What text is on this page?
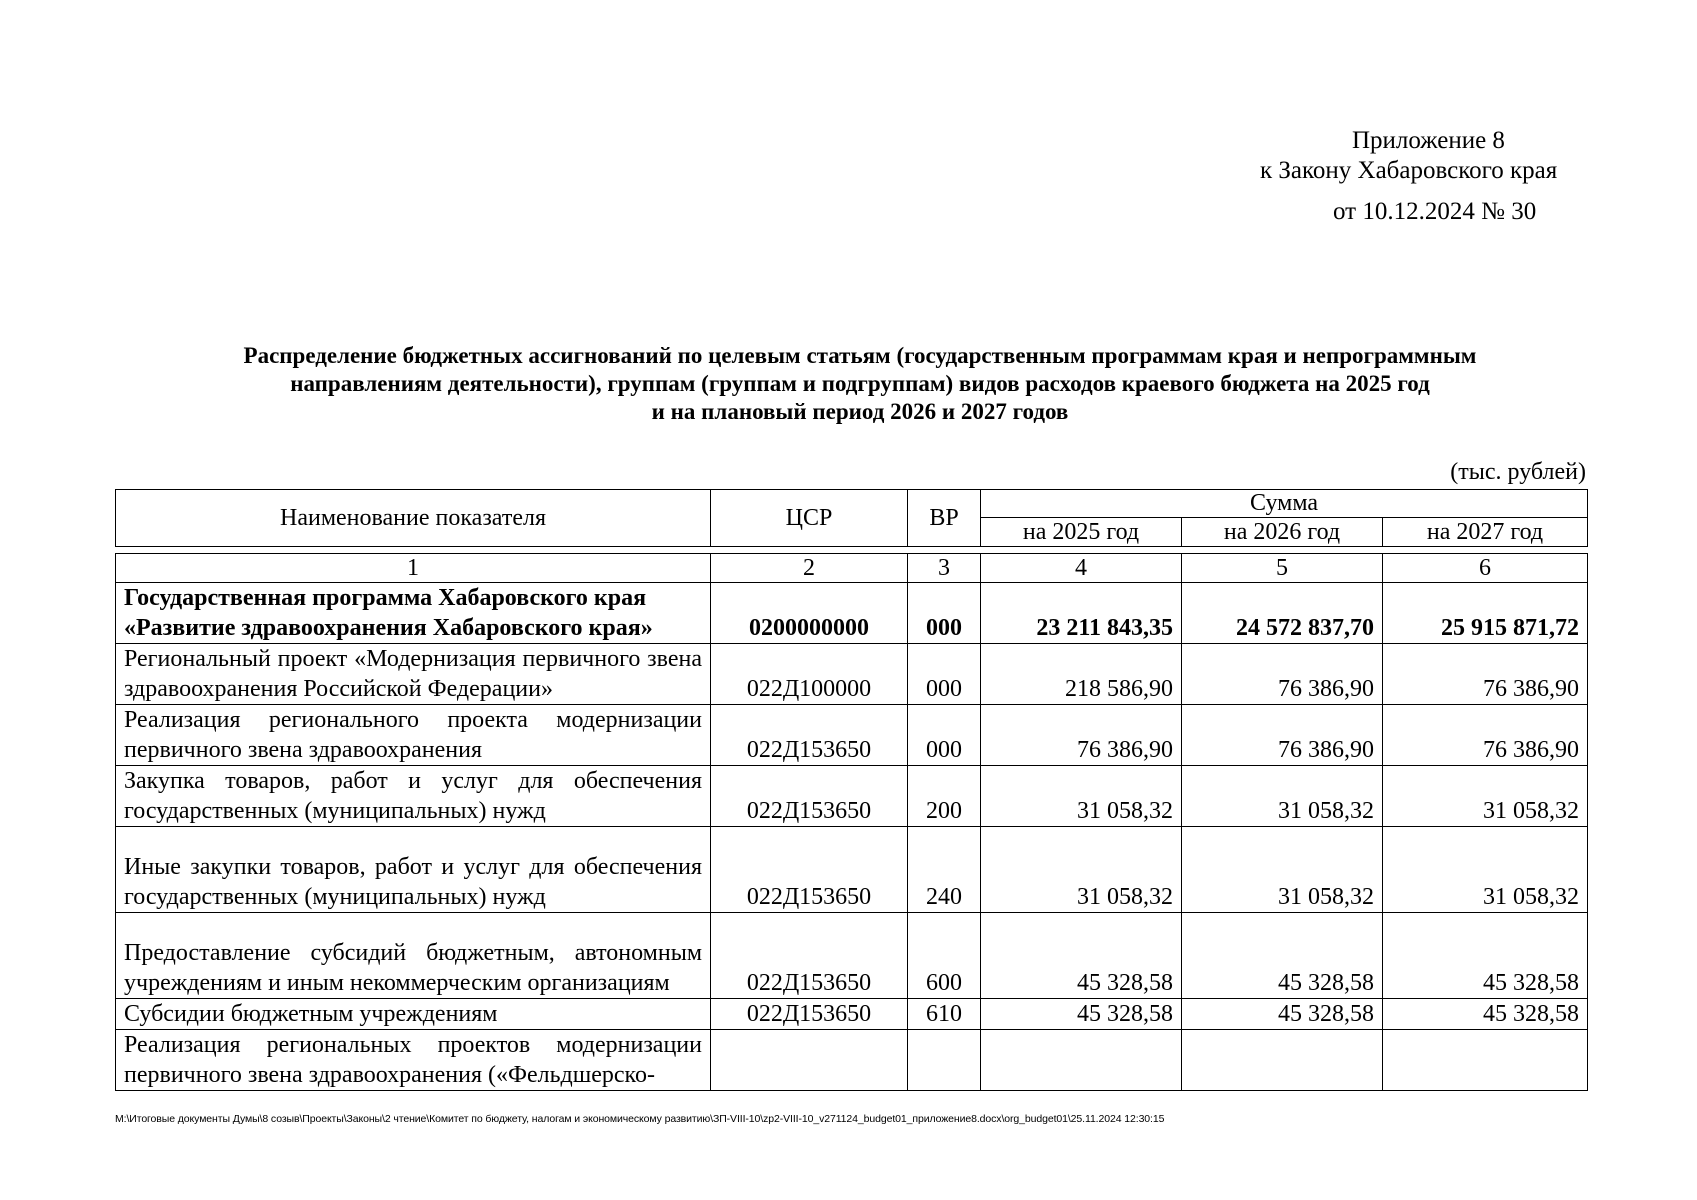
Приложение 8
к Закону Хабаровского края
от 10.12.2024 № 30
Распределение бюджетных ассигнований по целевым статьям (государственным программам края и непрограммным
направлениям деятельности), группам (группам и подгруппам) видов расходов краевого бюджета на 2025 год
и на плановый период 2026 и 2027 годов
(тыс. рублей)
Наименование показателя	ЦСР	ВР	Сумма		
			на 2025 год	на 2026 год	на 2027 год
1	2	3	4	5	6
Государственная программа Хабаровского края «Развитие здравоохранения Хабаровского края»	0200000000	000	23 211 843,35	24 572 837,70	25 915 871,72
Региональный проект «Модернизация первичного звена здравоохранения Российской Федерации»	022Д100000	000	218 586,90	76 386,90	76 386,90
Реализация регионального проекта модернизации первичного звена здравоохранения	022Д153650	000	76 386,90	76 386,90	76 386,90
Закупка товаров, работ и услуг для обеспечения государственных (муниципальных) нужд	022Д153650	200	31 058,32	31 058,32	31 058,32
Иные закупки товаров, работ и услуг для обеспечения государственных (муниципальных) нужд	022Д153650	240	31 058,32	31 058,32	31 058,32
Предоставление субсидий бюджетным, автономным учреждениям и иным некоммерческим организациям	022Д153650	600	45 328,58	45 328,58	45 328,58
Субсидии бюджетным учреждениям	022Д153650	610	45 328,58	45 328,58	45 328,58
Реализация региональных проектов модернизации первичного звена здравоохранения («Фельдшерско-					
M:\Итоговые документы Думы\8 созыв\Проекты\Законы\2 чтение\Комитет по бюджету, налогам и экономическому развитию\ЗП-VIII-10\zp2-VIII-10_v271124_budget01_приложение8.docx\org_budget01\25.11.2024 12:30:15
